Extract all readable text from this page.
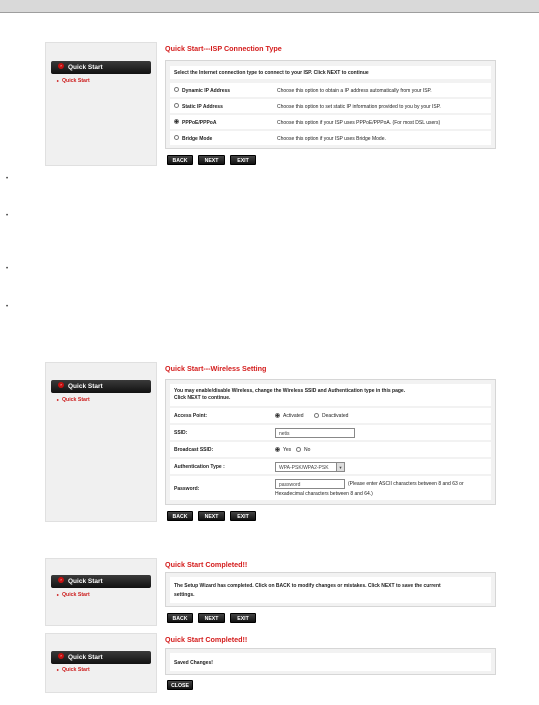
› Quick Start
▸ Quick Start
Quick Start---ISP Connection Type
Select the Internet connection type to connect to your ISP. Click NEXT to continue
Dynamic IP Address	Choose this option to obtain a IP address automatically from your ISP.
Static IP Address	Choose this option to set static IP information provided to you by your ISP.
PPPoE/PPPoA	Choose this option if your ISP uses PPPoE/PPPoA. (For most DSL users)
Bridge Mode	Choose this option if your ISP uses Bridge Mode.
BACK	NEXT	EXIT
•
•
•
•
› Quick Start
▸ Quick Start
Quick Start---Wireless Setting
You may enable/disable Wireless, change the Wireless SSID and Authentication type in this page.
Click NEXT to continue.
Access Point:	Activated	Deactivated
SSID:	netis
Broadcast SSID:	Yes	No
Authentication Type :	WPA-PSK/WPA2-PSK	▾
Password:
password	(Please enter ASCII characters between 8 and 63 or
Hexadecimal characters between 8 and 64.)
BACK	NEXT	EXIT
› Quick Start
▸ Quick Start
Quick Start Completed!!
The Setup Wizard has completed. Click on BACK to modify changes or mistakes. Click NEXT to save the current
settings.
BACK	NEXT	EXIT
› Quick Start
▸ Quick Start
Quick Start Completed!!
Saved Changes!
CLOSE
